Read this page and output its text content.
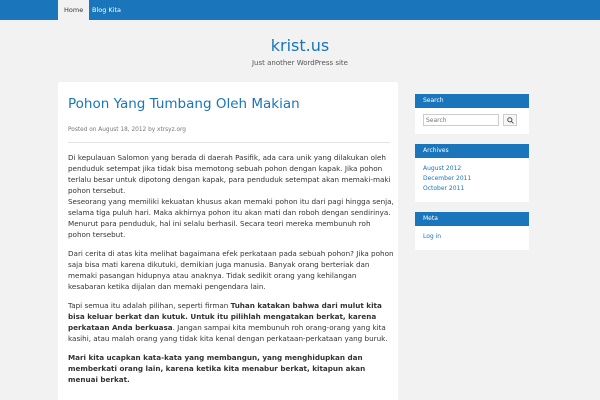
Home	Blog Kita
krist.us
Just another WordPress site
Pohon Yang Tumbang Oleh Makian
Posted on August 18, 2012 by xtrsyz.org

Di kepulauan Salomon yang berada di daerah Pasifik, ada cara unik yang dilakukan oleh penduduk setempat jika tidak bisa memotong sebuah pohon dengan kapak. Jika pohon terlalu besar untuk dipotong dengan kapak, para penduduk setempat akan memaki-maki pohon tersebut.
Seseorang yang memiliki kekuatan khusus akan memaki pohon itu dari pagi hingga senja, selama tiga puluh hari. Maka akhirnya pohon itu akan mati dan roboh dengan sendirinya. Menurut para penduduk, hal ini selalu berhasil. Secara teori mereka membunuh roh pohon tersebut.

Dari cerita di atas kita melihat bagaimana efek perkataan pada sebuah pohon? Jika pohon saja bisa mati karena dikutuki, demikian juga manusia. Banyak orang berteriak dan memaki pasangan hidupnya atau anaknya. Tidak sedikit orang yang kehilangan kesabaran ketika dijalan dan memaki pengendara lain.

Tapi semua itu adalah pilihan, seperti firman Tuhan katakan bahwa dari mulut kita bisa keluar berkat dan kutuk. Untuk itu pilihlah mengatakan berkat, karena perkataan Anda berkuasa. Jangan sampai kita membunuh roh orang-orang yang kita kasihi, atau malah orang yang tidak kita kenal dengan perkataan-perkataan yang buruk.

Mari kita ucapkan kata-kata yang membangun, yang menghidupkan dan memberkati orang lain, karena ketika kita menabur berkat, kitapun akan menuai berkat.

Search
Search
Archives
August 2012
December 2011
October 2011
Meta
Log in
